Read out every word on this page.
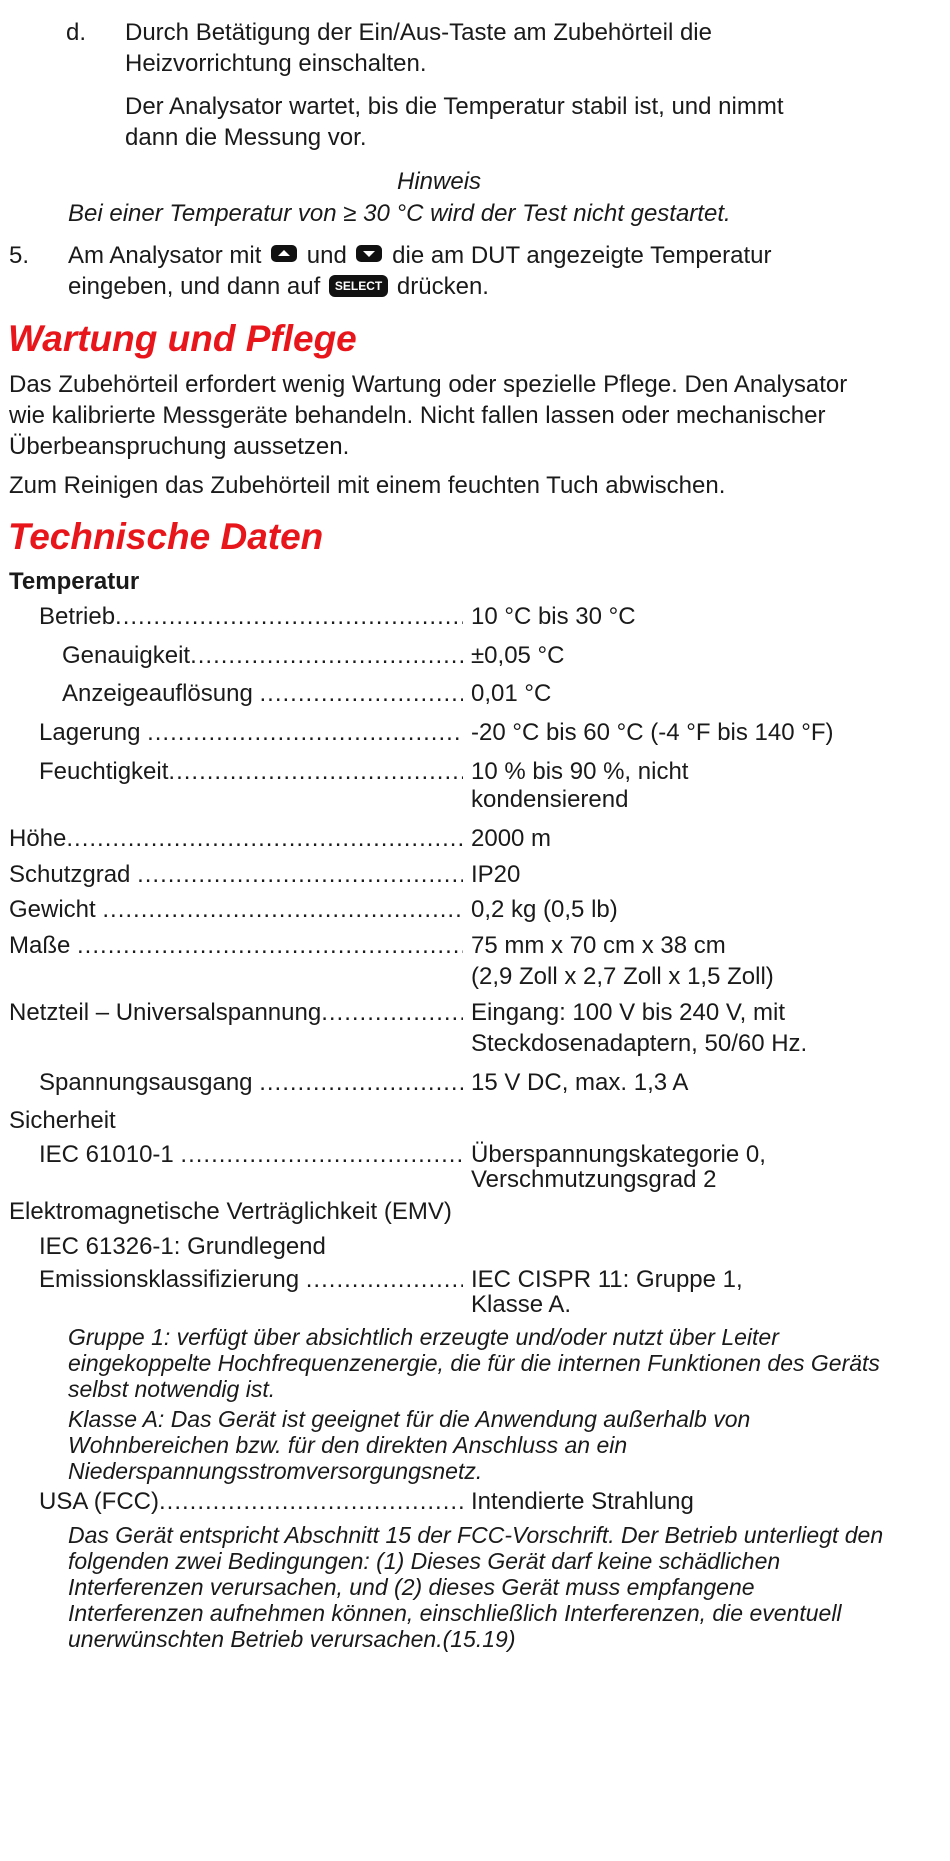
d. Durch Betätigung der Ein/Aus-Taste am Zubehörteil die
Heizvorrichtung einschalten.
Der Analysator wartet, bis die Temperatur stabil ist, und nimmt
dann die Messung vor.
Hinweis
Bei einer Temperatur von ≥ 30 °C wird der Test nicht gestartet.
5. Am Analysator mit und die am DUT angezeigte Temperatur
eingeben, und dann auf SELECT drücken.
Wartung und Pflege
Das Zubehörteil erfordert wenig Wartung oder spezielle Pflege. Den Analysator
wie kalibrierte Messgeräte behandeln. Nicht fallen lassen oder mechanischer
Überbeanspruchung aussetzen.
Zum Reinigen das Zubehörteil mit einem feuchten Tuch abwischen.
Technische Daten
Temperatur
Betrieb .....	10 °C bis 30 °C
Genauigkeit .....	±0,05 °C
Anzeigeauflösung .....	0,01 °C
Lagerung .....	-20 °C bis 60 °C (-4 °F bis 140 °F)
Feuchtigkeit .....	10 % bis 90 %, nicht
kondensierend
Höhe .....	2000 m
Schutzgrad .....	IP20
Gewicht .....	0,2 kg (0,5 lb)
Maße .....	75 mm x 70 cm x 38 cm
(2,9 Zoll x 2,7 Zoll x 1,5 Zoll)
Netzteil – Universalspannung .....	Eingang: 100 V bis 240 V, mit
Steckdosenadaptern, 50/60 Hz.
Spannungsausgang .....	15 V DC, max. 1,3 A
Sicherheit
IEC 61010-1 .....	Überspannungskategorie 0,
Verschmutzungsgrad 2
Elektromagnetische Verträglichkeit (EMV)
IEC 61326-1: Grundlegend
Emissionsklassifizierung .....	IEC CISPR 11: Gruppe 1,
Klasse A.
Gruppe 1: verfügt über absichtlich erzeugte und/oder nutzt über Leiter eingekoppelte Hochfrequenzenergie, die für die internen Funktionen des Geräts selbst notwendig ist.
Klasse A: Das Gerät ist geeignet für die Anwendung außerhalb von Wohnbereichen bzw. für den direkten Anschluss an ein Niederspannungsstromversorgungsnetz.
USA (FCC) .....	Intendierte Strahlung
Das Gerät entspricht Abschnitt 15 der FCC-Vorschrift. Der Betrieb unterliegt den folgenden zwei Bedingungen: (1) Dieses Gerät darf keine schädlichen Interferenzen verursachen, und (2) dieses Gerät muss empfangene Interferenzen aufnehmen können, einschließlich Interferenzen, die eventuell unerwünschten Betrieb verursachen.(15.19)
